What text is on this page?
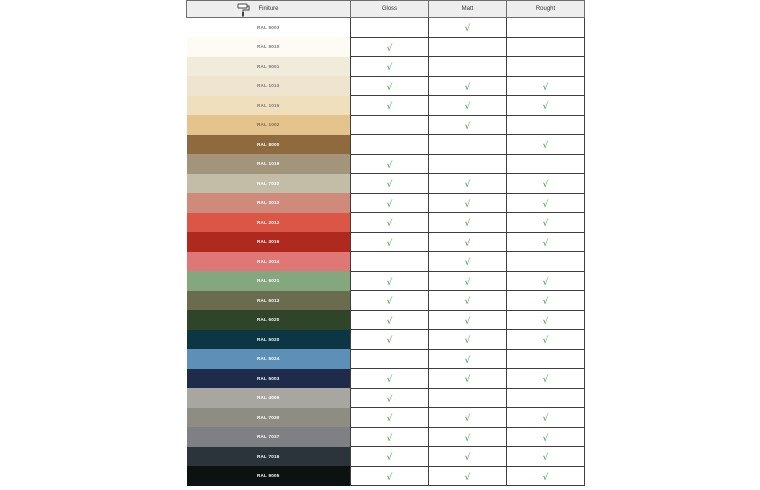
Finiture	Gloss	Matt	Rought
RAL 9003		√	
RAL 9010	√		
RAL 9001	√		
RAL 1013	√	√	√
RAL 1015	√	√	√
RAL 1002		√	
RAL 8000			√
RAL 1019	√		
RAL 7032	√	√	√
RAL 3012	√	√	√
RAL 2012	√	√	√
RAL 3016	√	√	√
RAL 3014		√	
RAL 6021	√	√	√
RAL 6013	√	√	√
RAL 6020	√	√	√
RAL 5020	√	√	√
RAL 5024		√	
RAL 5003	√	√	√
RAL 4006	√		
RAL 7030	√	√	√
RAL 7037	√	√	√
RAL 7016	√	√	√
RAL 9005	√	√	√
